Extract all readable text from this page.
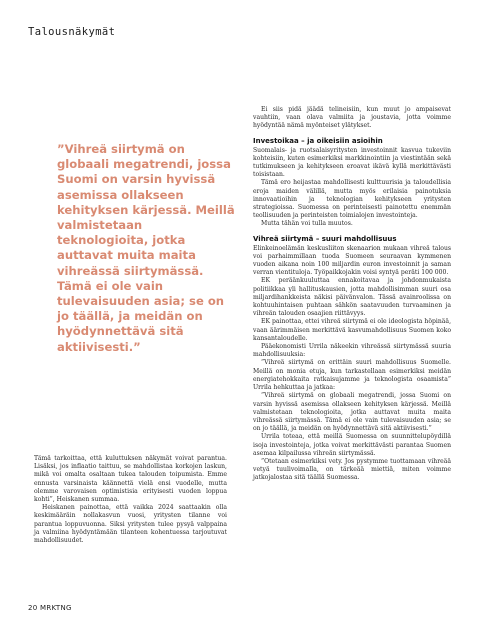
Talousnäkymät

”Vihreä siirtymä on globaali megatrendi, jossa Suomi on varsin hyvissä asemissa ollakseen kehityksen kärjessä. Meillä valmistetaan teknologioita, jotka auttavat muita maita vihreässä siirtymässä. Tämä ei ole vain tulevaisuuden asia; se on jo täällä, ja meidän on hyödynnettävä sitä aktiivisesti.”

Tämä tarkoittaa, että kuluttuksen näkymät voivat parantua. Lisäksi, jos inflaatio taittuu, se mahdollistaa korkojen laskun, mikä voi omalta osaltaan tukea talouden toipumista. Emme ennusta varsinaista käännettä vielä ensi vuodelle, mutta olemme varovaisen optimistisia erityisesti vuoden loppua kohti”, Heiskanen summaa.

Heiskanen painottaa, että vaikka 2024 saattaakin olla keskimääräin nollakasvun vuosi, yritysten tilanne voi parantua loppuvuonna. Siksi yritysten tulee pysyä valppaina ja valmiina hyödyntämään tilanteen kohentuessa tarjoutuvat mahdollisuudet.

Ei siis pidä jäädä telineisiin, kun muut jo ampaisevat vauhtiin, vaan olava valmiita ja joustavia, jotta voimme hyödyntää nämä myönteiset ylätykset.

Investoikaa – ja oikeisiin asioihin

Suomalais- ja ruotsalaisyritysten investoinnit kasvua tukeviin kohteisiin, kuten esimerkiksi markkinointiin ja viestintään sekä tutkimukseen ja kehitykseen eroavat ikävä kyllä merkittävästi toisistaan.

Tämä ero heijastaa mahdollisesti kulttuurisia ja taloudellisia eroja maiden välillä, mutta myös erilaisia painotuksia innovaatioihin ja teknologian kehitykseen yritysten strategioissa. Suomessa on perinteisesti painotettu enemmän teollisuuden ja perinteisten toimialojen investointeja.

Mutta tähän voi tulla muutos.

Vihreä siirtymä – suuri mahdollisuus

Elinkeinoelämän keskusliiton skenaarion mukaan vihreä talous voi parhaimmillaan tuoda Suomeen seuraavan kymmenen vuoden aikana noin 100 miljardin euron investoinnit ja saman verran vientituloja. Työpaikkojakin voisi syntyä peräti 100 000.

EK peräänkuuluttaa ennakoitavaa ja johdonmukaista politiikkaa yli hallituskausien, jotta mahdollisimman suuri osa miljardihankkeista näkisi päivänvalon. Tässä avainroolissa on kohtuuhintaisen puhtaan sähkön saatavuuden turvaaminen ja vihreän talouden osaajien riittävyys.

EK painottaa, ettei vihreä siirtymä ei ole ideologista höpinää, vaan äärimmäisen merkittävä kasvumahdollisuus Suomen koko kansantaloudelle.

Pääekonomisti Urrila näkeekin vihreässä siirtymässä suuria mahdollisuuksia:

”Vihreä siirtymä on erittäin suuri mahdollisuus Suomelle. Meillä on monia etuja, kun tarkastellaan esimerkiksi meidän energiatehokkaita ratkaisujamme ja teknologista osaamista” Urrila hehkuttaa ja jatkaa:

”Vihreä siirtymä on globaali megatrendi, jossa Suomi on varsin hyvissä asemissa ollakseen kehityksen kärjessä. Meillä valmistetaan teknologioita, jotka auttavat muita maita vihreässä siirtymässä. Tämä ei ole vain tulevaisuuden asia; se on jo täällä, ja meidän on hyödynnettävä sitä aktiivisesti.”

Urrila toteaa, että meillä Suomessa on suunnittelupöydillä isoja investointeja, jotka voivat merkittävästi parantaa Suomen asemaa kilpailussa vihreän siirtymässä.

”Otetaan esimerkiksi vety. Jos pystymme tuottamaan vihreää vetyä tuulivoimalla, on tärkeää miettiä, miten voimme jatkojalostaa sitä täällä Suomessa.

20 MRKTNG
